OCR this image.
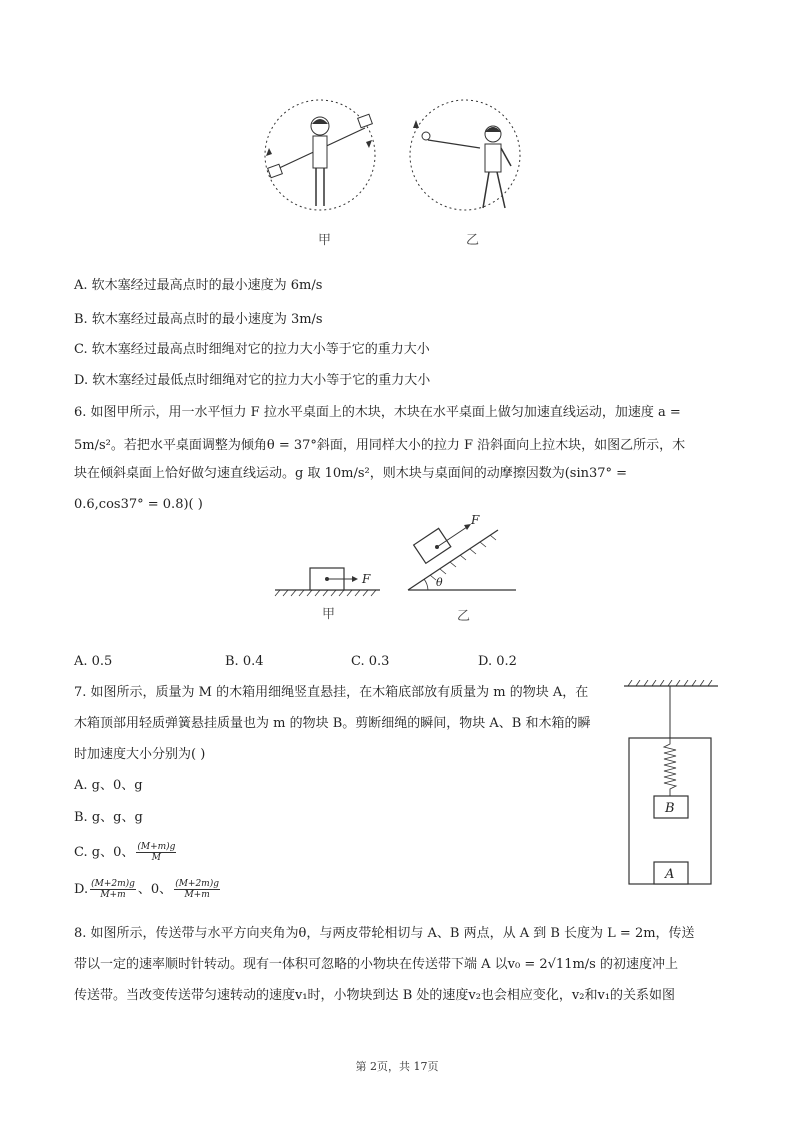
甲	乙
A. 软木塞经过最高点时的最小速度为 6m/s
B. 软木塞经过最高点时的最小速度为 3m/s
C. 软木塞经过最高点时细绳对它的拉力大小等于它的重力大小
D. 软木塞经过最低点时细绳对它的拉力大小等于它的重力大小
6. 如图甲所示，用一水平恒力 F 拉水平桌面上的木块，木块在水平桌面上做匀加速直线运动，加速度 a =
5m/s²。若把水平桌面调整为倾角θ = 37°斜面，用同样大小的拉力 F 沿斜面向上拉木块，如图乙所示，木
块在倾斜桌面上恰好做匀速直线运动。g 取 10m/s²，则木块与桌面间的动摩擦因数为(sin37° =
0.6,cos37° = 0.8)( )
F
F
θ
甲	乙
A. 0.5	B. 0.4	C. 0.3	D. 0.2
7. 如图所示，质量为 M 的木箱用细绳竖直悬挂，在木箱底部放有质量为 m 的物块 A，在
木箱顶部用轻质弹簧悬挂质量也为 m 的物块 B。剪断细绳的瞬间，物块 A、B 和木箱的瞬
时加速度大小分别为( )
A. g、0、g
B. g、g、g
C. g、0、 $\frac{(M+m)g}{M}$
D. $\frac{(M+2m)g}{M+m}$ 、0、 $\frac{(M+2m)g}{M+m}$
B
A
8. 如图所示，传送带与水平方向夹角为θ，与两皮带轮相切与 A、B 两点，从 A 到 B 长度为 L = 2m，传送
带以一定的速率顺时针转动。现有一体积可忽略的小物块在传送带下端 A 以v₀ = 2√11m/s 的初速度冲上
传送带。当改变传送带匀速转动的速度v₁时，小物块到达 B 处的速度v₂也会相应变化，v₂和v₁的关系如图
第 2页，共 17页
